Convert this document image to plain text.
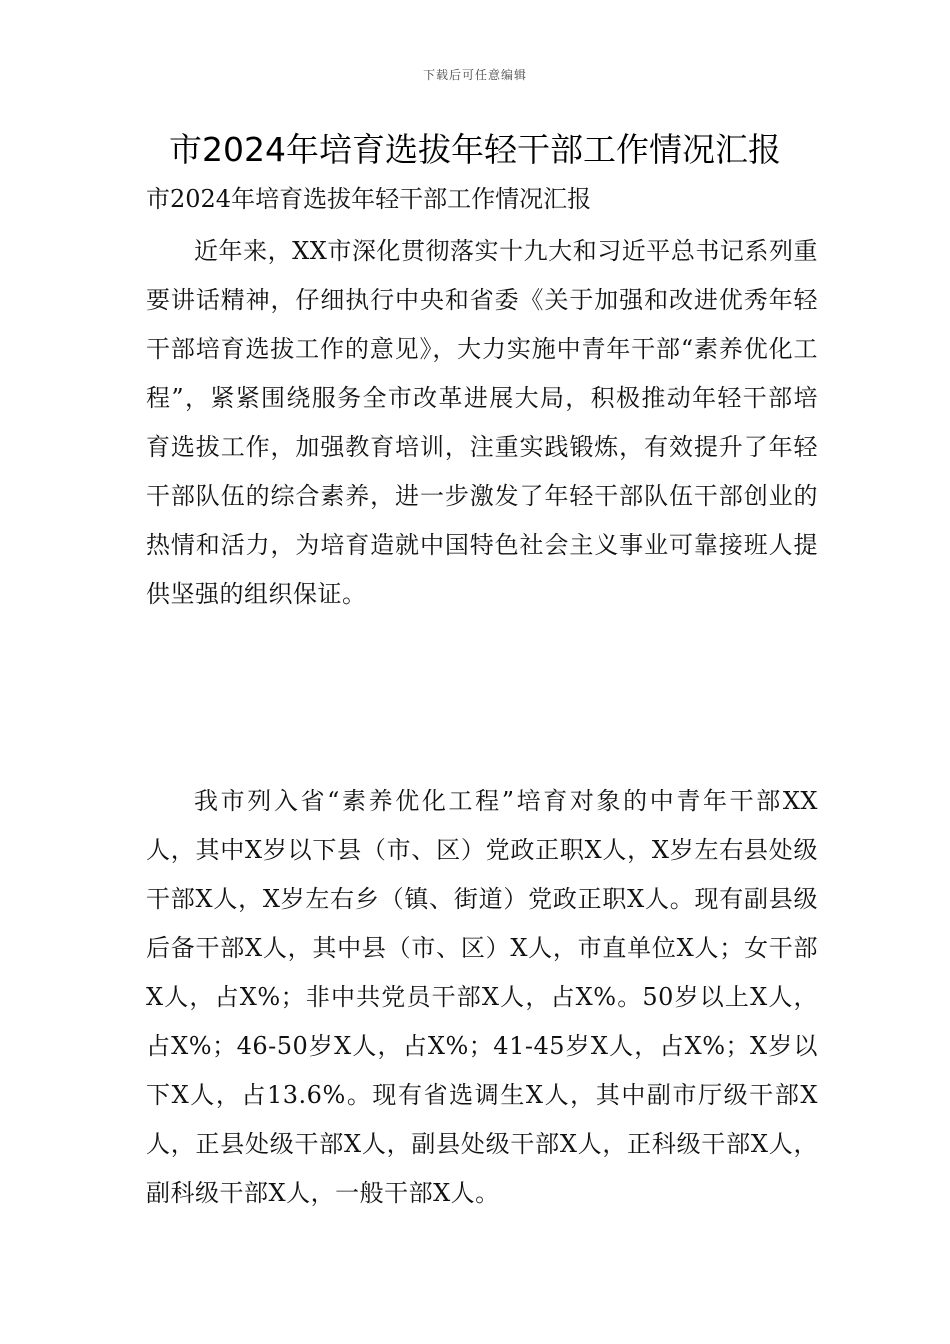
下载后可任意编辑
市2024年培育选拔年轻干部工作情况汇报

市2024年培育选拔年轻干部工作情况汇报

近年来，XX市深化贯彻落实十九大和习近平总书记系列重要讲话精神，仔细执行中央和省委《关于加强和改进优秀年轻干部培育选拔工作的意见》，大力实施中青年干部“素养优化工程”，紧紧围绕服务全市改革进展大局，积极推动年轻干部培育选拔工作，加强教育培训，注重实践锻炼，有效提升了年轻干部队伍的综合素养，进一步激发了年轻干部队伍干部创业的热情和活力，为培育造就中国特色社会主义事业可靠接班人提供坚强的组织保证。

我市列入省“素养优化工程”培育对象的中青年干部XX人，其中X岁以下县（市、区）党政正职X人，X岁左右县处级干部X人，X岁左右乡（镇、街道）党政正职X人。现有副县级后备干部X人，其中县（市、区）X人，市直单位X人；女干部X人，占X%；非中共党员干部X人，占X%。50岁以上X人，占X%；46-50岁X人，占X%；41-45岁X人，占X%；X岁以下X人，占13.6%。现有省选调生X人，其中副市厅级干部X人，正县处级干部X人，副县处级干部X人，正科级干部X人，副科级干部X人，一般干部X人。
